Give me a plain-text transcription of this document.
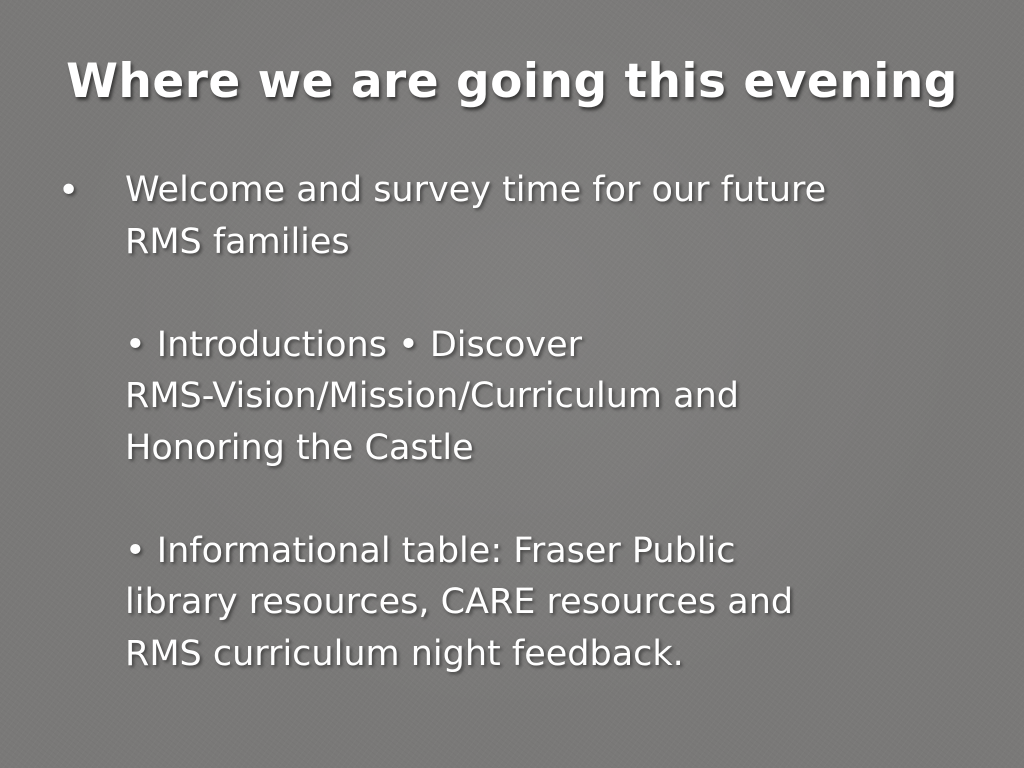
Where we are going this evening
• Welcome and survey time for our future
RMS families
• Introductions • Discover
RMS-Vision/Mission/Curriculum and
Honoring the Castle
• Informational table: Fraser Public
library resources, CARE resources and
RMS curriculum night feedback.
